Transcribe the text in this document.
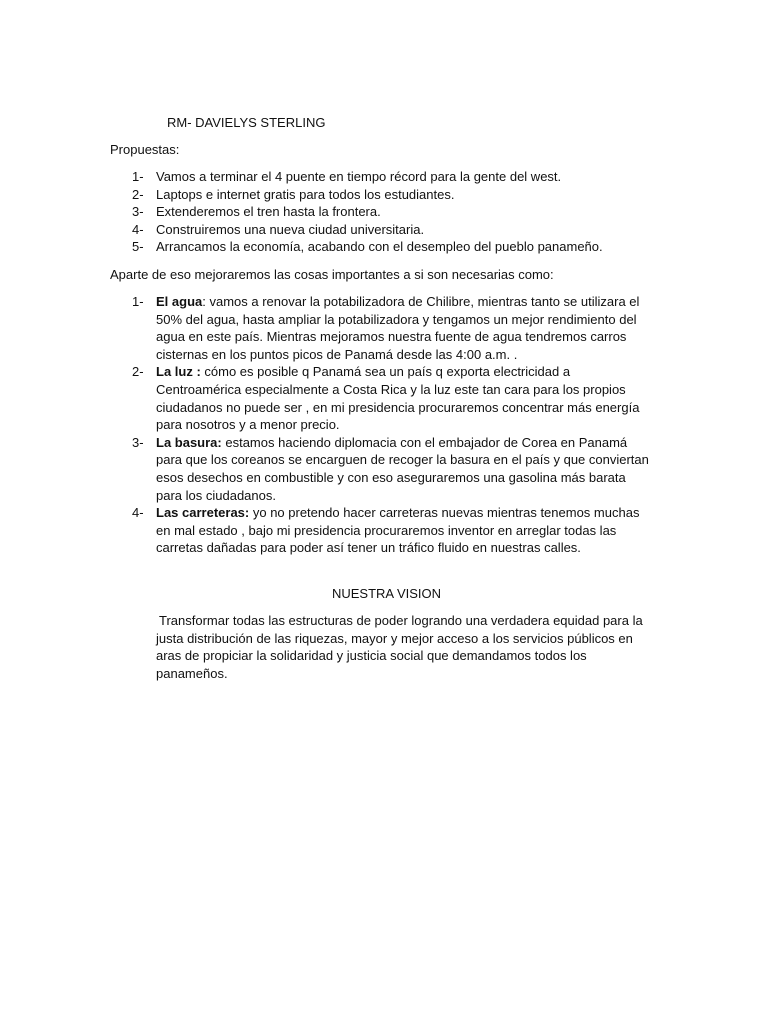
RM- DAVIELYS STERLING
Propuestas:
1- Vamos a terminar el 4 puente en tiempo récord para la gente del west.
2- Laptops e internet gratis para todos los estudiantes.
3- Extenderemos el tren hasta la frontera.
4- Construiremos una nueva ciudad universitaria.
5- Arrancamos la economía, acabando con el desempleo del pueblo panameño.
Aparte de eso mejoraremos las cosas importantes a si son necesarias como:
1- El agua: vamos a renovar la potabilizadora de Chilibre, mientras tanto se utilizara el 50% del agua, hasta ampliar la potabilizadora y tengamos un mejor rendimiento del agua en este país. Mientras mejoramos nuestra fuente de agua tendremos carros cisternas en los puntos picos de Panamá desde las 4:00 a.m. .
2- La luz : cómo es posible q Panamá sea un país q exporta electricidad a Centroamérica especialmente a Costa Rica y la luz este tan cara para los propios ciudadanos no puede ser , en mi presidencia procuraremos concentrar más energía para nosotros y a menor precio.
3- La basura: estamos haciendo diplomacia con el embajador de Corea en Panamá para que los coreanos se encarguen de recoger la basura en el país y que conviertan esos desechos en combustible y con eso aseguraremos una gasolina más barata para los ciudadanos.
4- Las carreteras: yo no pretendo hacer carreteras nuevas mientras tenemos muchas en mal estado , bajo mi presidencia procuraremos inventor en arreglar todas las carretas dañadas para poder así tener un tráfico fluido en nuestras calles.
NUESTRA VISION
Transformar todas las estructuras de poder logrando una verdadera equidad para la justa distribución de las riquezas, mayor y mejor acceso a los servicios públicos en aras de propiciar la solidaridad y justicia social que demandamos todos los panameños.
